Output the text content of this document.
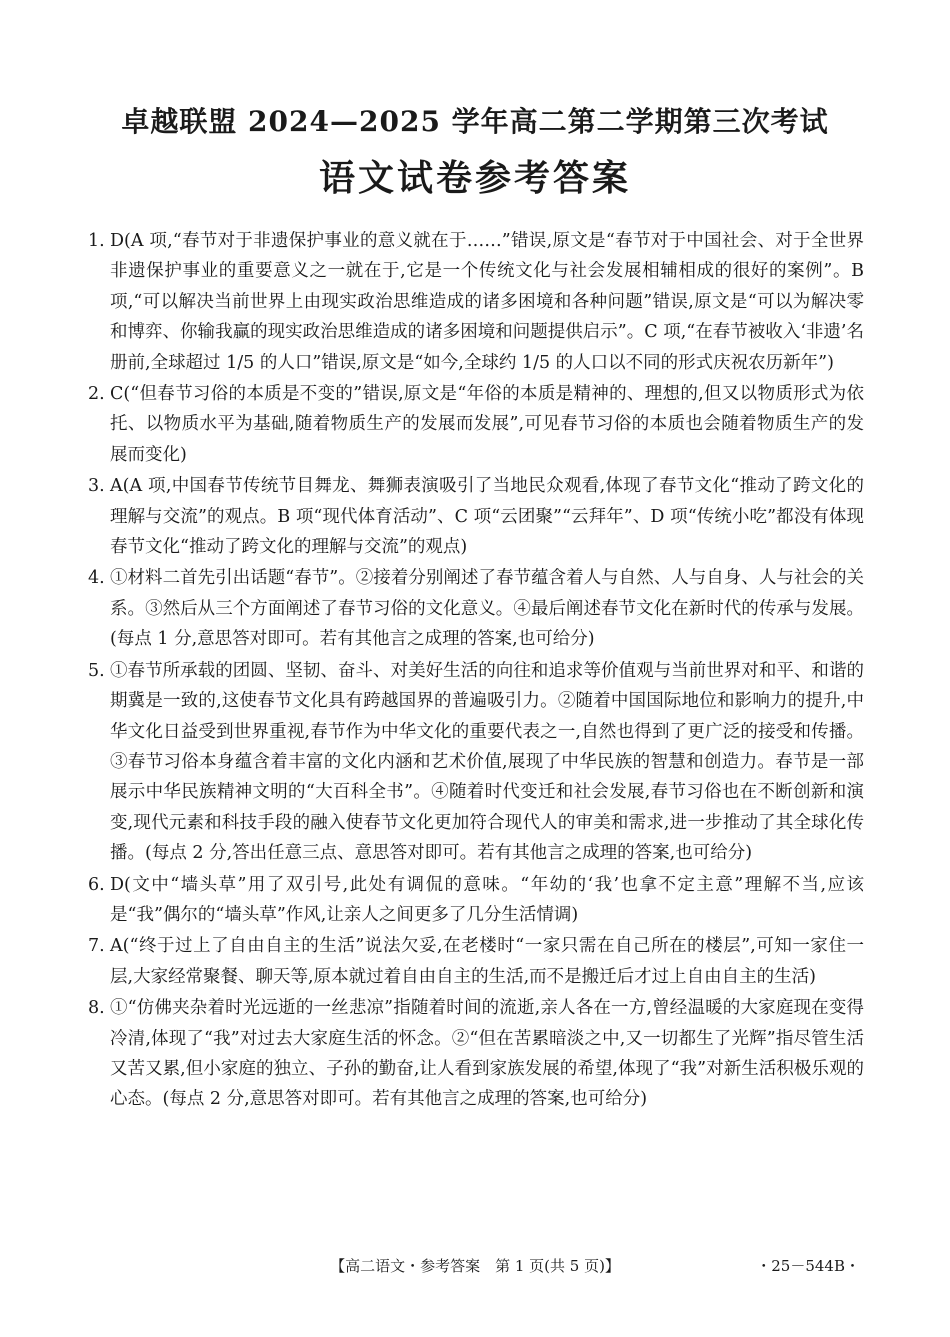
卓越联盟 2024—2025 学年高二第二学期第三次考试
语文试卷参考答案
1. D(A 项,“春节对于非遗保护事业的意义就在于……”错误,原文是“春节对于中国社会、对于全世界非遗保护事业的重要意义之一就在于,它是一个传统文化与社会发展相辅相成的很好的案例”。B 项,“可以解决当前世界上由现实政治思维造成的诸多困境和各种问题”错误,原文是“可以为解决零和博弈、你输我赢的现实政治思维造成的诸多困境和问题提供启示”。C 项,“在春节被收入‘非遗’名册前,全球超过 1/5 的人口”错误,原文是“如今,全球约 1/5 的人口以不同的形式庆祝农历新年”)
2. C(“但春节习俗的本质是不变的”错误,原文是“年俗的本质是精神的、理想的,但又以物质形式为依托、以物质水平为基础,随着物质生产的发展而发展”,可见春节习俗的本质也会随着物质生产的发展而变化)
3. A(A 项,中国春节传统节目舞龙、舞狮表演吸引了当地民众观看,体现了春节文化“推动了跨文化的理解与交流”的观点。B 项“现代体育活动”、C 项“云团聚”“云拜年”、D 项“传统小吃”都没有体现春节文化“推动了跨文化的理解与交流”的观点)
4. ①材料二首先引出话题“春节”。②接着分别阐述了春节蕴含着人与自然、人与自身、人与社会的关系。③然后从三个方面阐述了春节习俗的文化意义。④最后阐述春节文化在新时代的传承与发展。(每点 1 分,意思答对即可。若有其他言之成理的答案,也可给分)
5. ①春节所承载的团圆、坚韧、奋斗、对美好生活的向往和追求等价值观与当前世界对和平、和谐的期冀是一致的,这使春节文化具有跨越国界的普遍吸引力。②随着中国国际地位和影响力的提升,中华文化日益受到世界重视,春节作为中华文化的重要代表之一,自然也得到了更广泛的接受和传播。③春节习俗本身蕴含着丰富的文化内涵和艺术价值,展现了中华民族的智慧和创造力。春节是一部展示中华民族精神文明的“大百科全书”。④随着时代变迁和社会发展,春节习俗也在不断创新和演变,现代元素和科技手段的融入使春节文化更加符合现代人的审美和需求,进一步推动了其全球化传播。(每点 2 分,答出任意三点、意思答对即可。若有其他言之成理的答案,也可给分)
6. D(文中“墙头草”用了双引号,此处有调侃的意味。“年幼的‘我’也拿不定主意”理解不当,应该是“我”偶尔的“墙头草”作风,让亲人之间更多了几分生活情调)
7. A(“终于过上了自由自主的生活”说法欠妥,在老楼时“一家只需在自己所在的楼层”,可知一家住一层,大家经常聚餐、聊天等,原本就过着自由自主的生活,而不是搬迁后才过上自由自主的生活)
8. ①“仿佛夹杂着时光远逝的一丝悲凉”指随着时间的流逝,亲人各在一方,曾经温暖的大家庭现在变得冷清,体现了“我”对过去大家庭生活的怀念。②“但在苦累暗淡之中,又一切都生了光辉”指尽管生活又苦又累,但小家庭的独立、子孙的勤奋,让人看到家族发展的希望,体现了“我”对新生活积极乐观的心态。(每点 2 分,意思答对即可。若有其他言之成理的答案,也可给分)
【高二语文・参考答案　第 1 页(共 5 页)】	・25－544B・
